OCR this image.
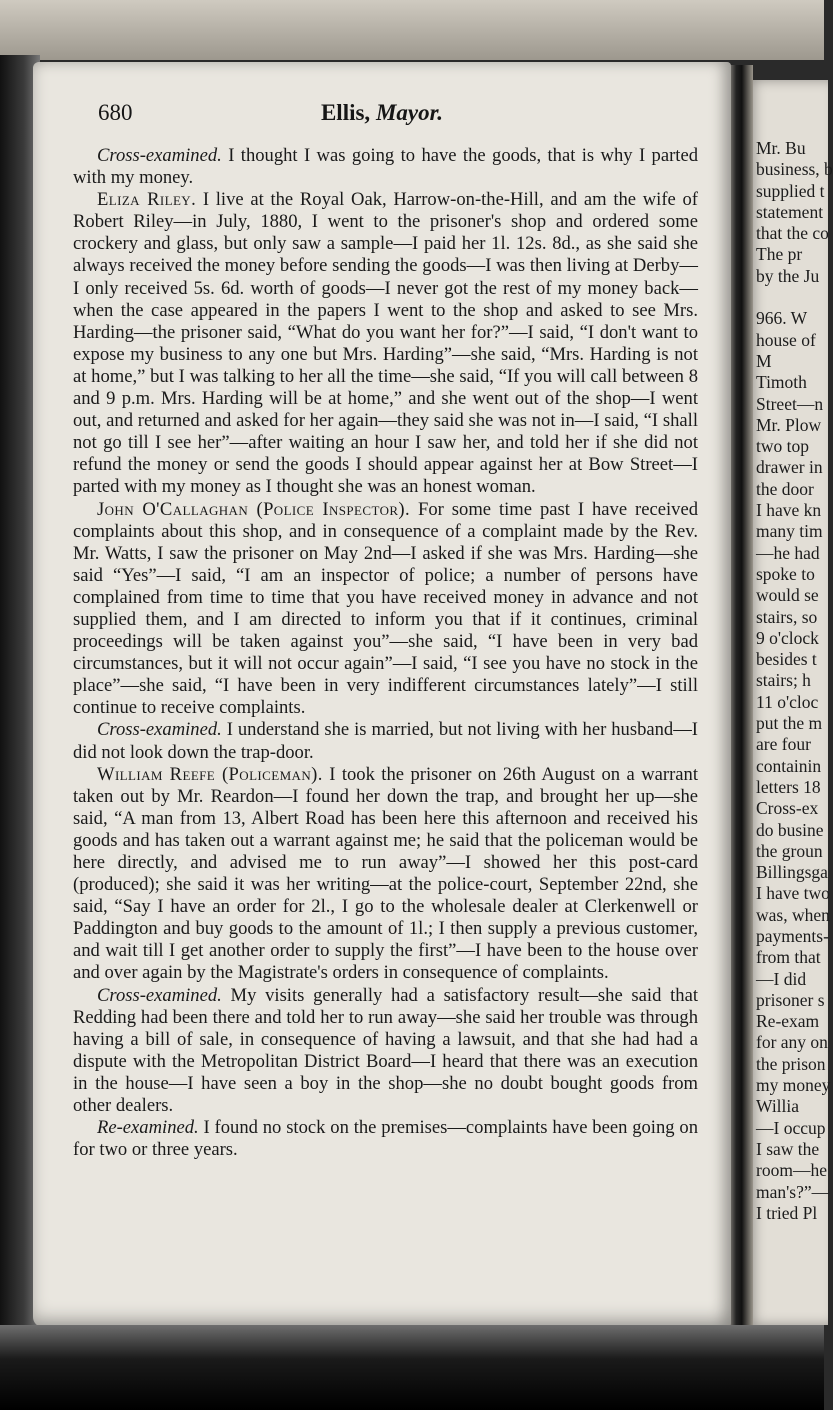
680	Ellis, Mayor.

Cross-examined. I thought I was going to have the goods, that is why I parted with my money.

Eliza Riley. I live at the Royal Oak, Harrow-on-the-Hill, and am the wife of Robert Riley—in July, 1880, I went to the prisoner's shop and ordered some crockery and glass, but only saw a sample—I paid her 1l. 12s. 8d., as she said she always received the money before sending the goods—I was then living at Derby—I only received 5s. 6d. worth of goods—I never got the rest of my money back—when the case appeared in the papers I went to the shop and asked to see Mrs. Harding—the prisoner said, “What do you want her for?”—I said, “I don't want to expose my business to any one but Mrs. Harding”—she said, “Mrs. Harding is not at home,” but I was talking to her all the time—she said, “If you will call between 8 and 9 p.m. Mrs. Harding will be at home,” and she went out of the shop—I went out, and returned and asked for her again—they said she was not in—I said, “I shall not go till I see her”—after waiting an hour I saw her, and told her if she did not refund the money or send the goods I should appear against her at Bow Street—I parted with my money as I thought she was an honest woman.

John O'Callaghan (Police Inspector). For some time past I have received complaints about this shop, and in consequence of a complaint made by the Rev. Mr. Watts, I saw the prisoner on May 2nd—I asked if she was Mrs. Harding—she said “Yes”—I said, “I am an inspector of police; a number of persons have complained from time to time that you have received money in advance and not supplied them, and I am directed to inform you that if it continues, criminal proceedings will be taken against you”—she said, “I have been in very bad circumstances, but it will not occur again”—I said, “I see you have no stock in the place”—she said, “I have been in very indifferent circumstances lately”—I still continue to receive complaints.

Cross-examined. I understand she is married, but not living with her husband—I did not look down the trap-door.

William Reefe (Policeman). I took the prisoner on 26th August on a warrant taken out by Mr. Reardon—I found her down the trap, and brought her up—she said, “A man from 13, Albert Road has been here this afternoon and received his goods and has taken out a warrant against me; he said that the policeman would be here directly, and advised me to run away”—I showed her this post-card (produced); she said it was her writing—at the police-court, September 22nd, she said, “Say I have an order for 2l., I go to the wholesale dealer at Clerkenwell or Paddington and buy goods to the amount of 1l.; I then supply a previous customer, and wait till I get another order to supply the first”—I have been to the house over and over again by the Magistrate's orders in consequence of complaints.

Cross-examined. My visits generally had a satisfactory result—she said that Redding had been there and told her to run away—she said her trouble was through having a bill of sale, in consequence of having a lawsuit, and that she had had a dispute with the Metropolitan District Board—I heard that there was an execution in the house—I have seen a boy in the shop—she no doubt bought goods from other dealers.

Re-examined. I found no stock on the premises—complaints have been going on for two or three years.

Mr. Bu
business, b
supplied t
statement
that the co
The pr
by the Ju
966. W
house of
M
Timoth
Street—n
Mr. Plow
two top
drawer in
the door
I have kn
many tim
—he had
spoke to
would se
stairs, so
9 o'clock
besides t
stairs; h
11 o'cloc
put the m
are four
containin
letters 18
Cross-ex
do busine
the groun
Billingsga
I have two
was, when
payments-
from that
—I did
prisoner s
Re-exam
for any on
the prison
my money
Willia
—I occup
I saw the
room—he
man's?”—
I tried Pl
